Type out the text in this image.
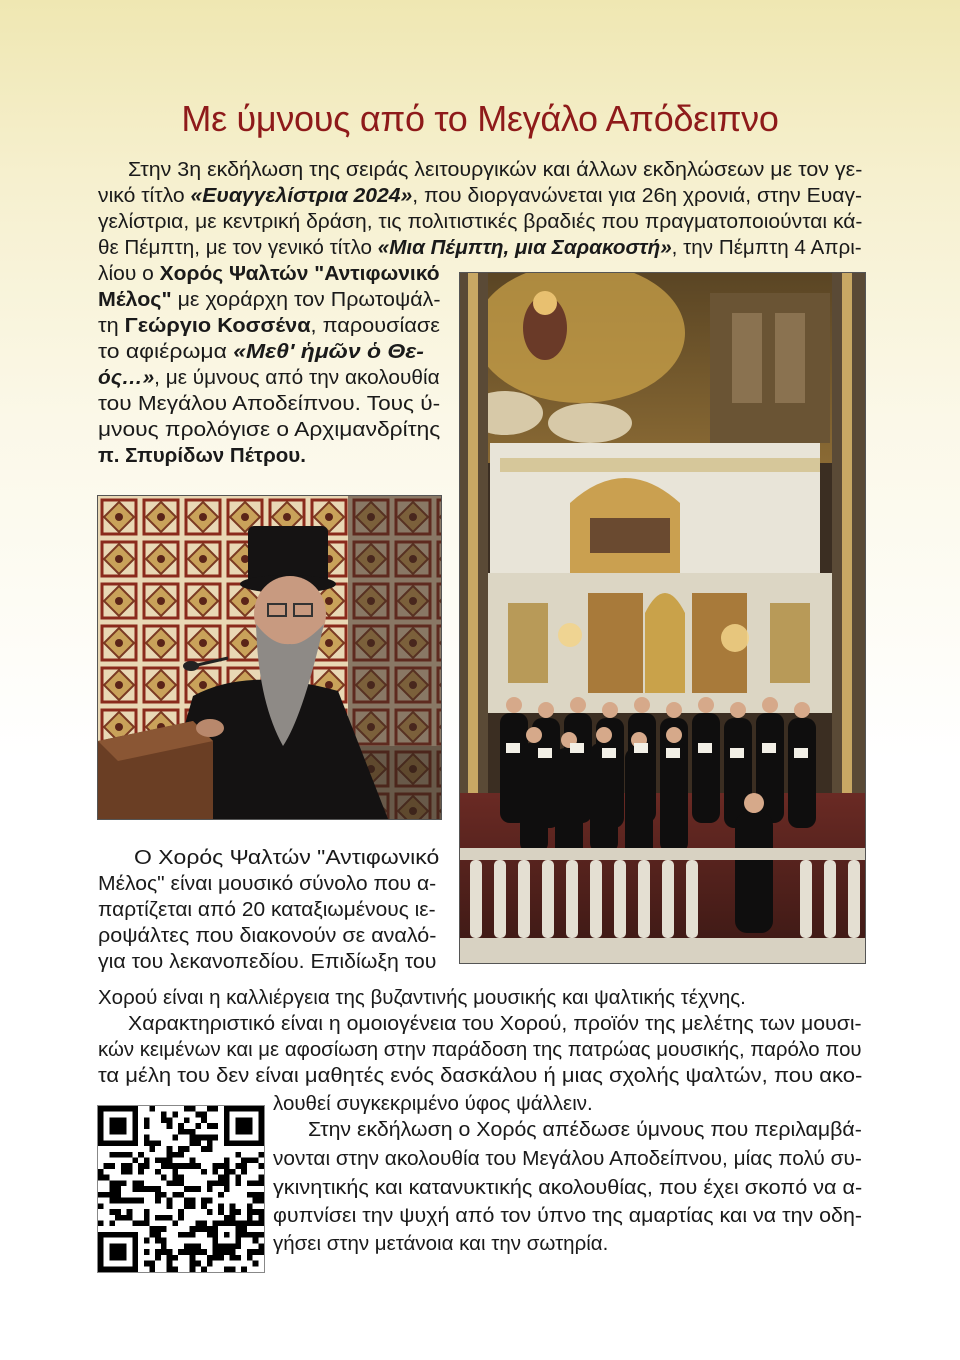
Με ύμνους από το Μεγάλο Απόδειπνο
Στην 3η εκδήλωση της σειράς λειτουργικών και άλλων εκδηλώσεων με τον γε-
νικό τίτλο «Ευαγγελίστρια 2024», που διοργανώνεται για 26η χρονιά, στην Ευαγ-
γελίστρια, με κεντρική δράση, τις πολιτιστικές βραδιές που πραγματοποιούνται κά-
θε Πέμπτη, με τον γενικό τίτλο «Μια Πέμπτη, μια Σαρακοστή», την Πέμπτη 4 Απρι-
λίου ο Χορός Ψαλτών "Αντιφωνικό
Μέλος" με χοράρχη τον Πρωτοψάλ-
τη Γεώργιο Κοσσένα, παρουσίασε
το αφιέρωμα «Μεθ' ἡμῶν ὁ Θε-
ός…», με ύμνους από την ακολουθία
του Μεγάλου Αποδείπνου. Τους ύ-
μνους προλόγισε ο Αρχιμανδρίτης
π. Σπυρίδων Πέτρου.
Ο Χορός Ψαλτών "Αντιφωνικό
Μέλος" είναι μουσικό σύνολο που α-
παρτίζεται από 20 καταξιωμένους ιε-
ροψάλτες που διακονούν σε αναλό-
για του λεκανοπεδίου. Επιδίωξη του
Χορού είναι η καλλιέργεια της βυζαντινής μουσικής και ψαλτικής τέχνης.
Χαρακτηριστικό είναι η ομοιογένεια του Χορού, προϊόν της μελέτης των μουσι-
κών κειμένων και με αφοσίωση στην παράδοση της πατρώας μουσικής, παρόλο που
τα μέλη του δεν είναι μαθητές ενός δασκάλου ή μιας σχολής ψαλτών, που ακο-
λουθεί συγκεκριμένο ύφος ψάλλειν.
Στην εκδήλωση ο Χορός απέδωσε ύμνους που περιλαμβά-
νονται στην ακολουθία του Μεγάλου Αποδείπνου, μίας πολύ συ-
γκινητικής και κατανυκτικής ακολουθίας, που έχει σκοπό να α-
φυπνίσει την ψυχή από τον ύπνο της αμαρτίας και να την οδη-
γήσει στην μετάνοια και την σωτηρία.
